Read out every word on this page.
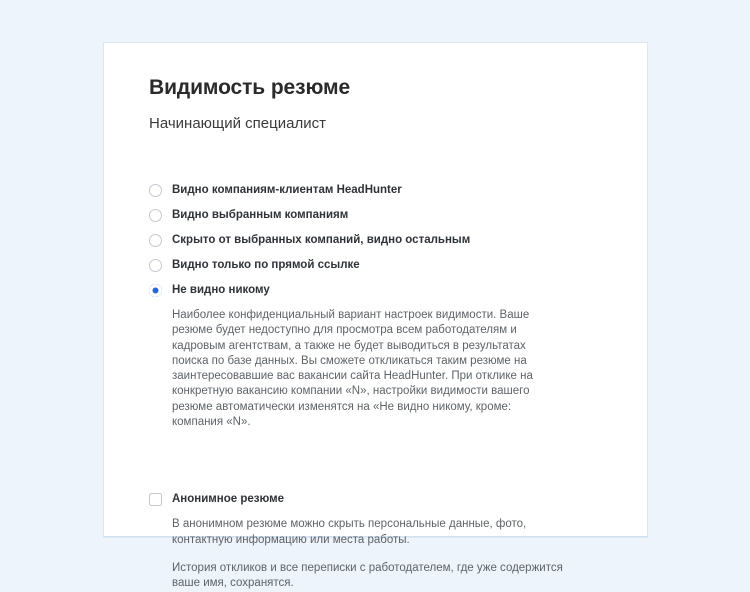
Видимость резюме
Начинающий специалист
Видно компаниям-клиентам HeadHunter
Видно выбранным компаниям
Скрыто от выбранных компаний, видно остальным
Видно только по прямой ссылке
Не видно никому

Наиболее конфиденциальный вариант настроек видимости. Ваше резюме будет недоступно для просмотра всем работодателям и кадровым агентствам, а также не будет выводиться в результатах поиска по базе данных. Вы сможете откликаться таким резюме на заинтересовавшие вас вакансии сайта HeadHunter. При отклике на конкретную вакансию компании «N», настройки видимости вашего резюме автоматически изменятся на «Не видно никому, кроме: компания «N».

Анонимное резюме

В анонимном резюме можно скрыть персональные данные, фото, контактную информацию или места работы.

История откликов и все переписки с работодателем, где уже содержится ваше имя, сохранятся.
